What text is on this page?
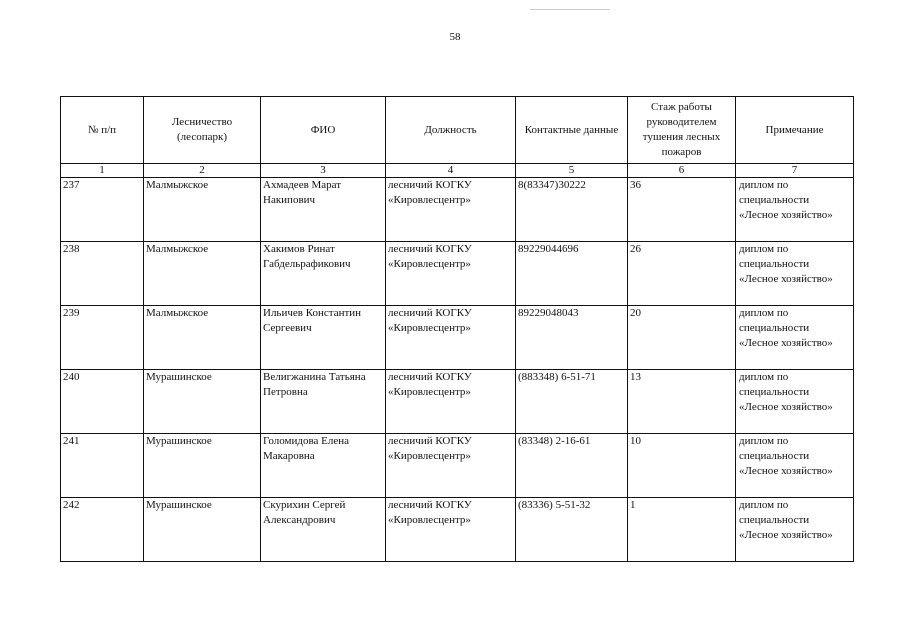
58
№ п/п	Лесничество (лесопарк)	ФИО	Должность	Контактные данные	Стаж работы руководителем тушения лесных пожаров	Примечание
1	2	3	4	5	6	7
237	Малмыжское	Ахмадеев Марат Накипович	лесничий КОГКУ «Кировлесцентр»	8(83347)30222	36	диплом по специальности «Лесное хозяйство»
238	Малмыжское	Хакимов Ринат Габдельрафикович	лесничий КОГКУ «Кировлесцентр»	89229044696	26	диплом по специальности «Лесное хозяйство»
239	Малмыжское	Ильичев Константин Сергеевич	лесничий КОГКУ «Кировлесцентр»	89229048043	20	диплом по специальности «Лесное хозяйство»
240	Мурашинское	Велигжанина Татьяна Петровна	лесничий КОГКУ «Кировлесцентр»	(883348) 6-51-71	13	диплом по специальности «Лесное хозяйство»
241	Мурашинское	Голомидова Елена Макаровна	лесничий КОГКУ «Кировлесцентр»	(83348) 2-16-61	10	диплом по специальности «Лесное хозяйство»
242	Мурашинское	Скурихин Сергей Александрович	лесничий КОГКУ «Кировлесцентр»	(83336) 5-51-32	1	диплом по специальности «Лесное хозяйство»
